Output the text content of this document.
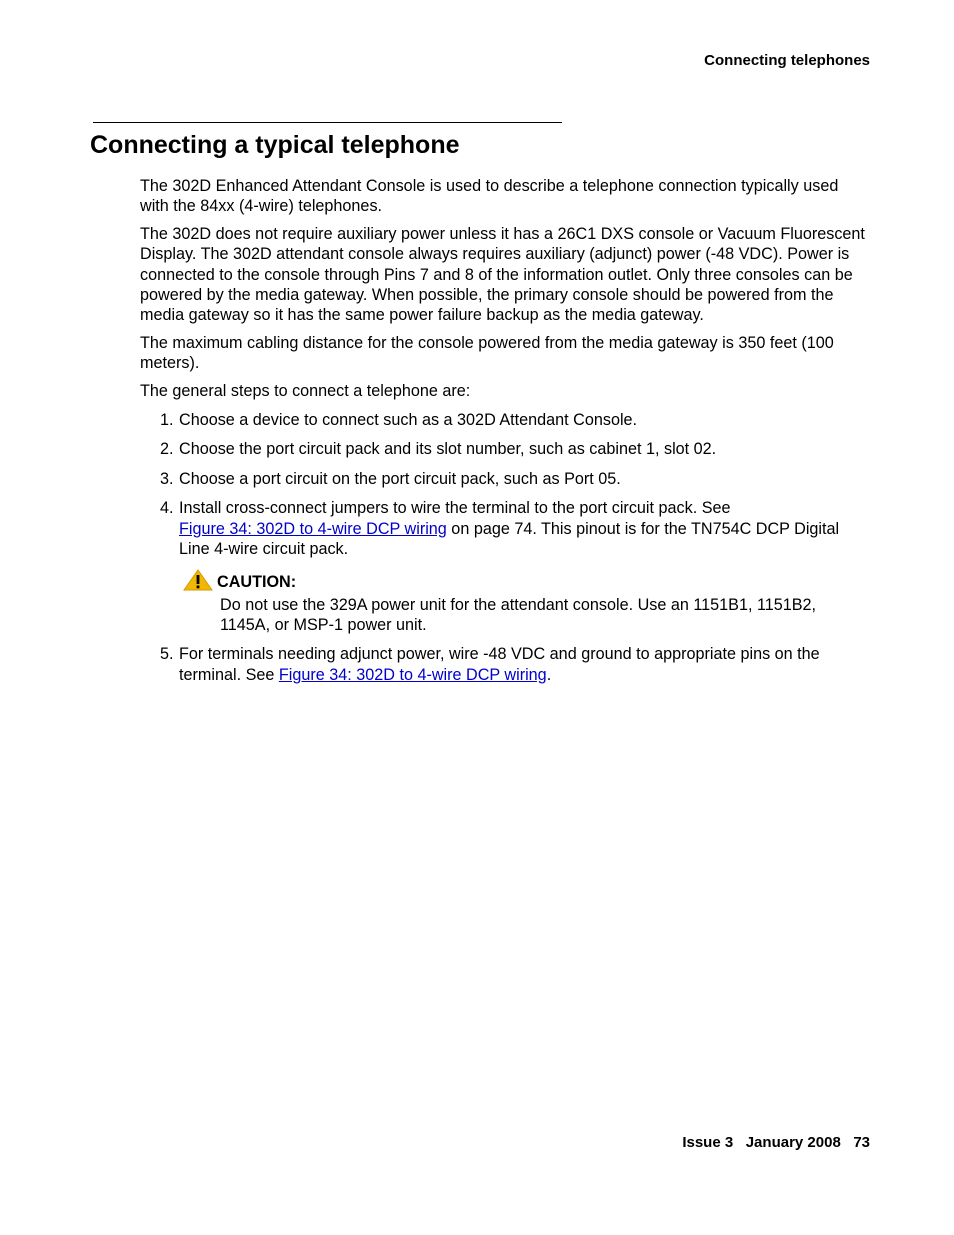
Connecting telephones
Connecting a typical telephone

The 302D Enhanced Attendant Console is used to describe a telephone connection typically used with the 84xx (4-wire) telephones.

The 302D does not require auxiliary power unless it has a 26C1 DXS console or Vacuum Fluorescent Display. The 302D attendant console always requires auxiliary (adjunct) power (-48 VDC). Power is connected to the console through Pins 7 and 8 of the information outlet. Only three consoles can be powered by the media gateway. When possible, the primary console should be powered from the media gateway so it has the same power failure backup as the media gateway.

The maximum cabling distance for the console powered from the media gateway is 350 feet (100 meters).

The general steps to connect a telephone are:

1. Choose a device to connect such as a 302D Attendant Console.
2. Choose the port circuit pack and its slot number, such as cabinet 1, slot 02.
3. Choose a port circuit on the port circuit pack, such as Port 05.
4. Install cross-connect jumpers to wire the terminal to the port circuit pack. See
Figure 34: 302D to 4-wire DCP wiring on page 74. This pinout is for the TN754C DCP Digital Line 4-wire circuit pack.
CAUTION:
Do not use the 329A power unit for the attendant console. Use an 1151B1, 1151B2, 1145A, or MSP-1 power unit.
5. For terminals needing adjunct power, wire -48 VDC and ground to appropriate pins on the terminal. See Figure 34: 302D to 4-wire DCP wiring.
Issue 3 January 2008 73
